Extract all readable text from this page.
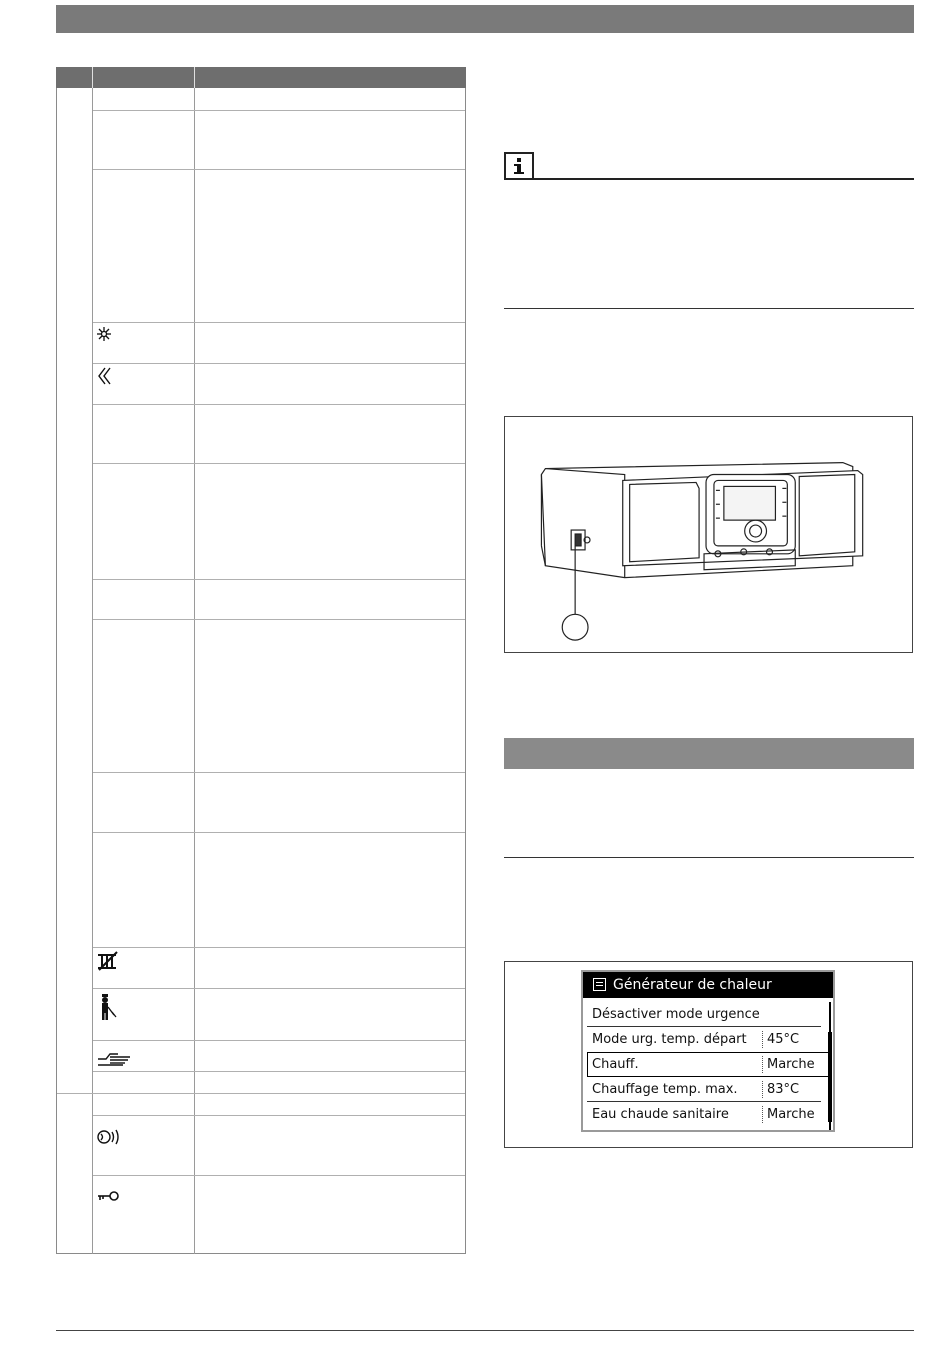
Générateur de chaleur
Désactiver mode urgence
Mode urg. temp. départ 45°C
Chauff.	Marche
Chauffage temp. max. 83°C
Eau chaude sanitaire	Marche
